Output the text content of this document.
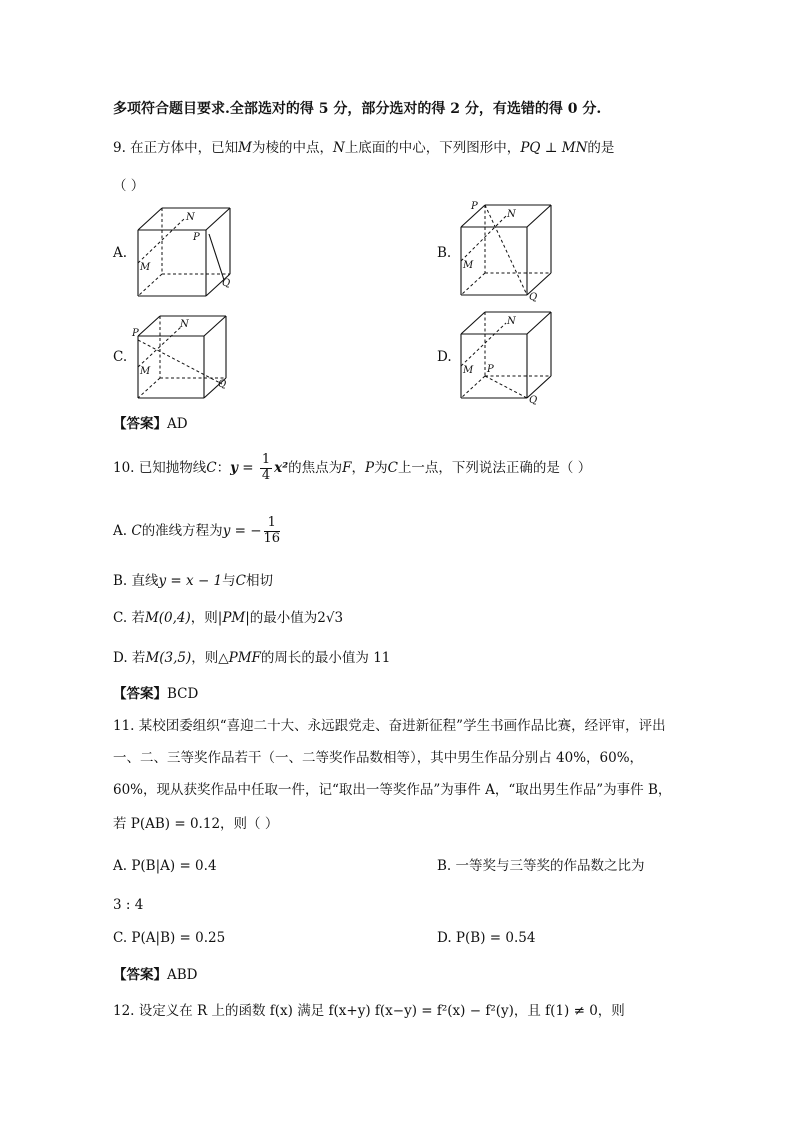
多项符合题目要求.全部选对的得 5 分，部分选对的得 2 分，有选错的得 0 分.
9. 在正方体中，已知M为棱的中点，N上底面的中心，下列图形中，PQ ⊥ MN的是
（ ）
A.	B.
C.	D.
N
P
M
Q
P
N
M
Q
P
N
M
Q
N
M P
Q
【答案】AD
10. 已知抛物线C：$y = \frac{1}{4} x^2$的焦点为F，P为C上一点，下列说法正确的是（ ）
A. C的准线方程为y = − $\frac{1}{16}$
B. 直线y = x − 1与C相切
C. 若M(0,4)，则|PM|的最小值为2√3
D. 若M(3,5)，则△PMF的周长的最小值为 11
【答案】BCD
11. 某校团委组织“喜迎二十大、永远跟党走、奋进新征程”学生书画作品比赛，经评审，评出
一、二、三等奖作品若干（一、二等奖作品数相等），其中男生作品分别占 40%，60%，
60%，现从获奖作品中任取一件，记“取出一等奖作品”为事件 A，“取出男生作品”为事件 B，
若 P(AB) = 0.12，则（ ）
A. P(B|A) = 0.4	B. 一等奖与三等奖的作品数之比为
3 : 4
C. P(A|B) = 0.25	D. P(B) = 0.54
【答案】ABD
12. 设定义在 R 上的函数 f(x) 满足 f(x+y) f(x−y) = f²(x) − f²(y)，且 f(1) ≠ 0，则
